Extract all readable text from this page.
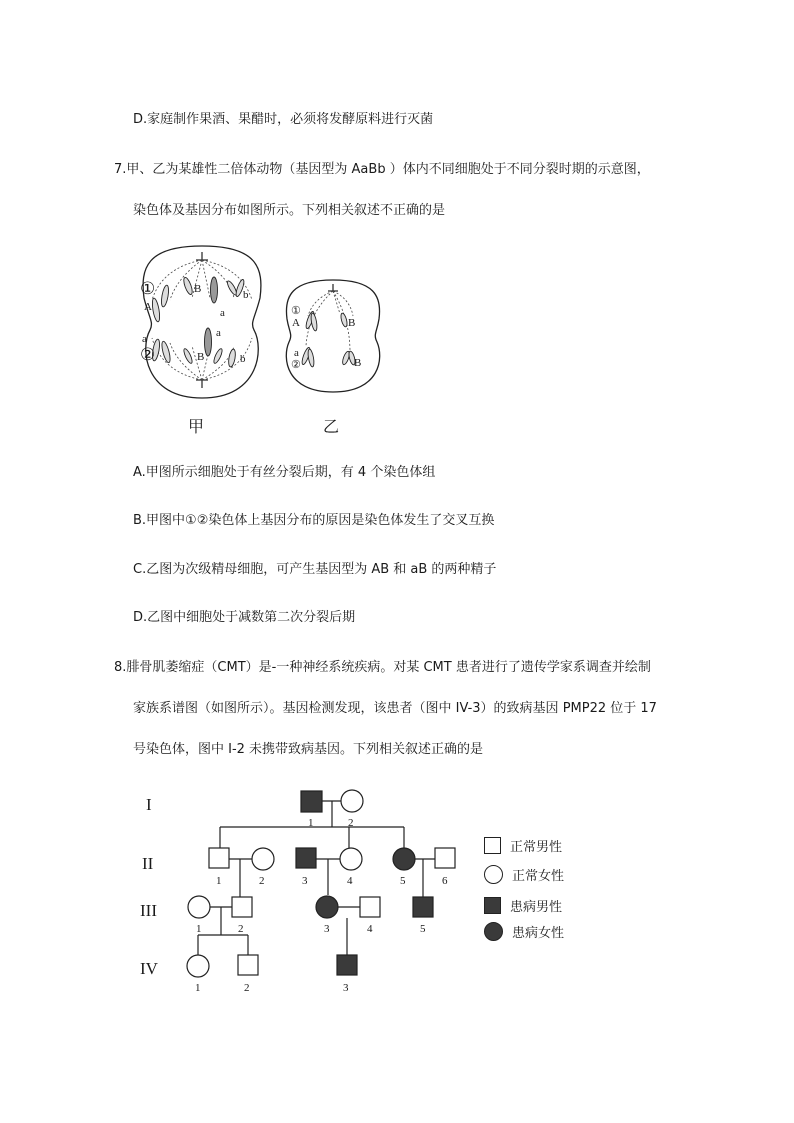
D.家庭制作果酒、果醋时，必须将发酵原料进行灭菌
7.甲、乙为某雄性二倍体动物（基因型为 AaBb ）体内不同细胞处于不同分裂时期的示意图，
染色体及基因分布如图所示。下列相关叙述不正确的是
①
A
B	b
a
a
②
a
B	b
甲
①
A	B
a
②	B
乙
A.甲图所示细胞处于有丝分裂后期，有 4 个染色体组
B.甲图中①②染色体上基因分布的原因是染色体发生了交叉互换
C.乙图为次级精母细胞，可产生基因型为 AB 和 aB 的两种精子
D.乙图中细胞处于减数第二次分裂后期
8.腓骨肌萎缩症（CMT）是-一种神经系统疾病。对某 CMT 患者进行了遗传学家系调查并绘制
家族系谱图（如图所示）。基因检测发现，该患者（图中 IV-3）的致病基因 PMP22 位于 17
号染色体，图中 I-2 未携带致病基因。下列相关叙述正确的是
I
II
III
IV
1	2
1	2	3	4	5	6
1	2	3	4	5
1	2	3
正常男性
正常女性
患病男性
患病女性
